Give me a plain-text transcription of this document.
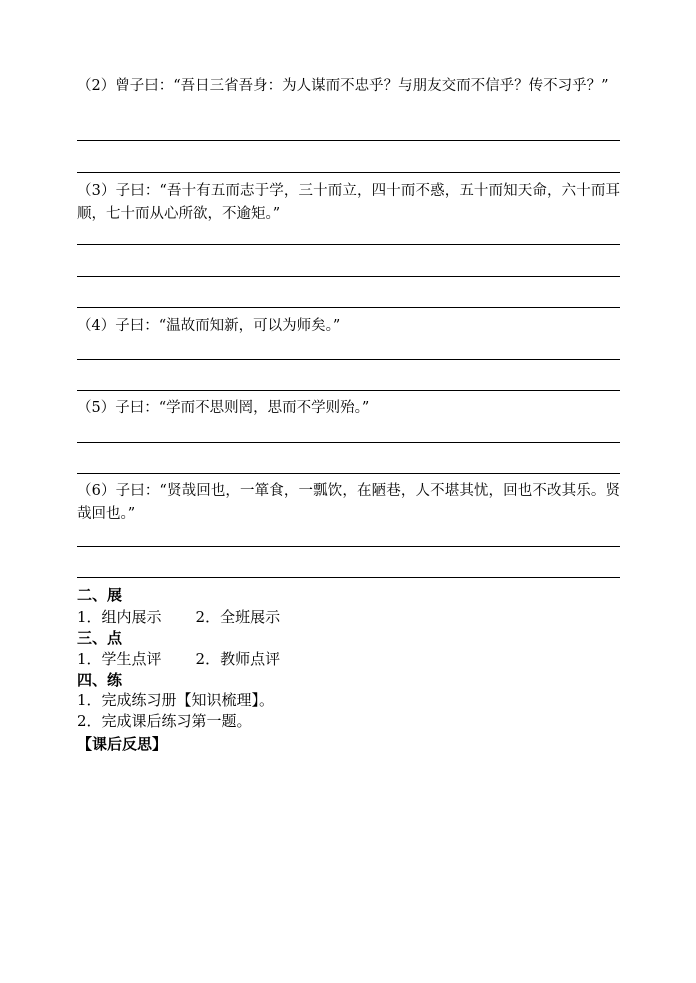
（2）曾子曰：“吾日三省吾身：为人谋而不忠乎？与朋友交而不信乎？传不习乎？”
（3）子曰：“吾十有五而志于学，三十而立，四十而不惑，五十而知天命，六十而耳顺，七十而从心所欲，不逾矩。”
（4）子曰：“温故而知新，可以为师矣。”
（5）子曰：“学而不思则罔，思而不学则殆。”
（6）子曰：“贤哉回也，一箪食，一瓢饮，在陋巷，人不堪其忧，回也不改其乐。贤哉回也。”
二、展
1．组内展示 2．全班展示
三、点
1．学生点评 2．教师点评
四、练
1．完成练习册【知识梳理】。
2．完成课后练习第一题。
【课后反思】
